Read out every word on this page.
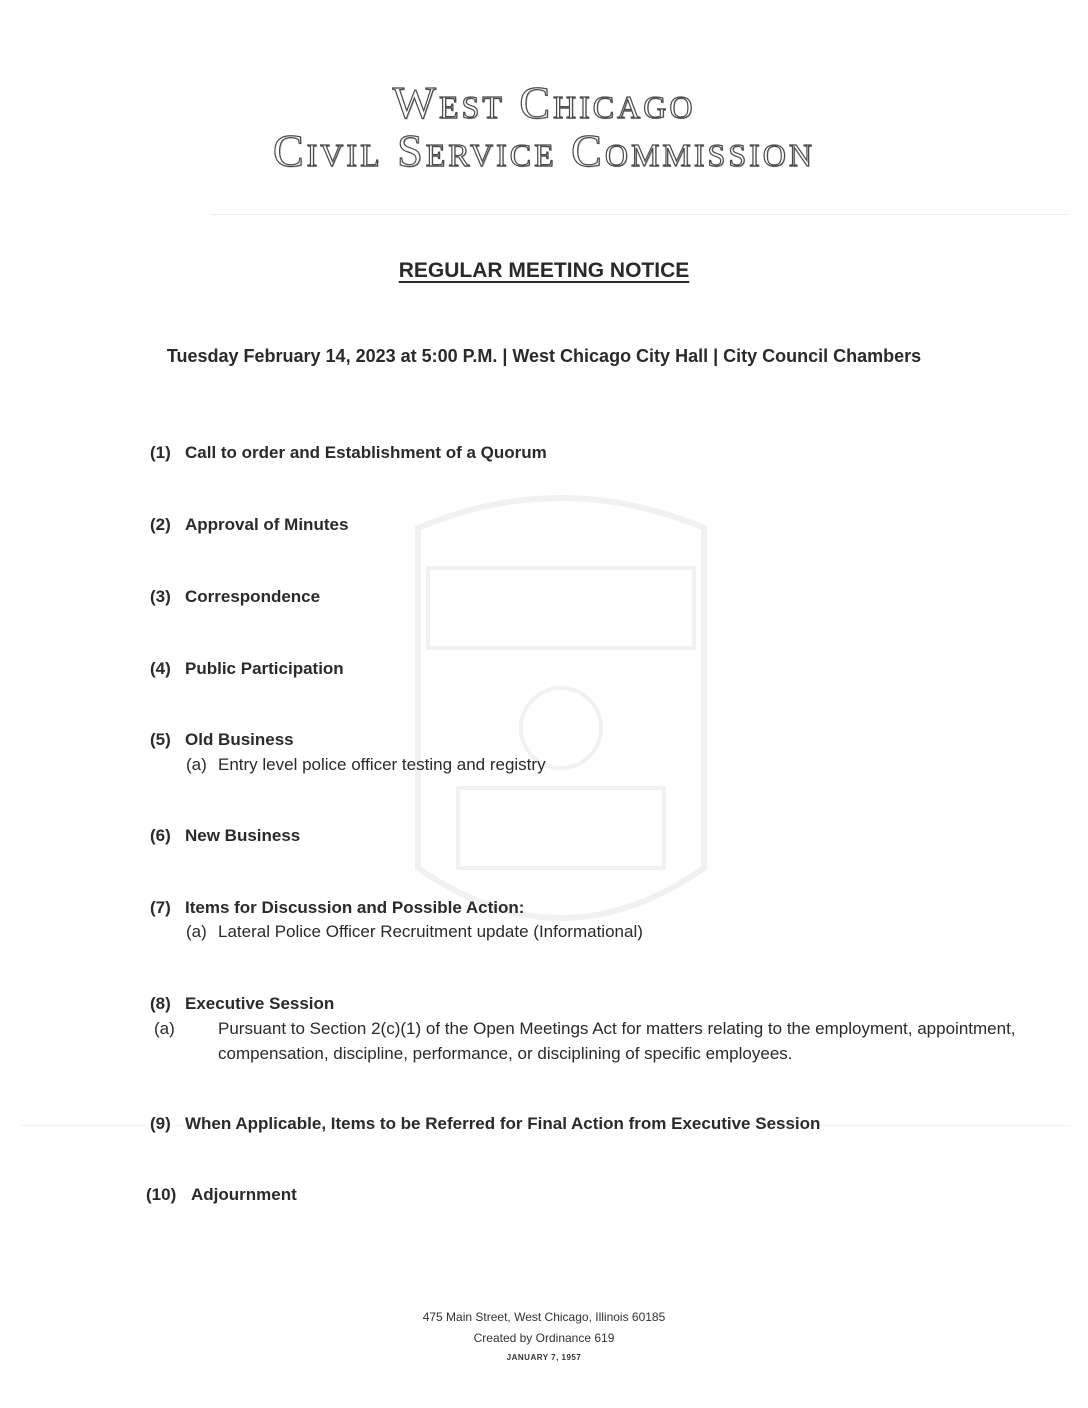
West Chicago
Civil Service Commission
REGULAR MEETING NOTICE
Tuesday February 14, 2023 at 5:00 P.M. | West Chicago City Hall | City Council Chambers
(1) Call to order and Establishment of a Quorum
(2) Approval of Minutes
(3) Correspondence
(4) Public Participation
(5) Old Business
(a) Entry level police officer testing and registry
(6) New Business
(7) Items for Discussion and Possible Action:
(a) Lateral Police Officer Recruitment update (Informational)
(8) Executive Session
(a)	Pursuant to Section 2(c)(1) of the Open Meetings Act for matters relating to the employment, appointment, compensation, discipline, performance, or disciplining of specific employees.
(9) When Applicable, Items to be Referred for Final Action from Executive Session
(10) Adjournment
475 Main Street, West Chicago, Illinois 60185
Created by Ordinance 619
JANUARY 7, 1957
